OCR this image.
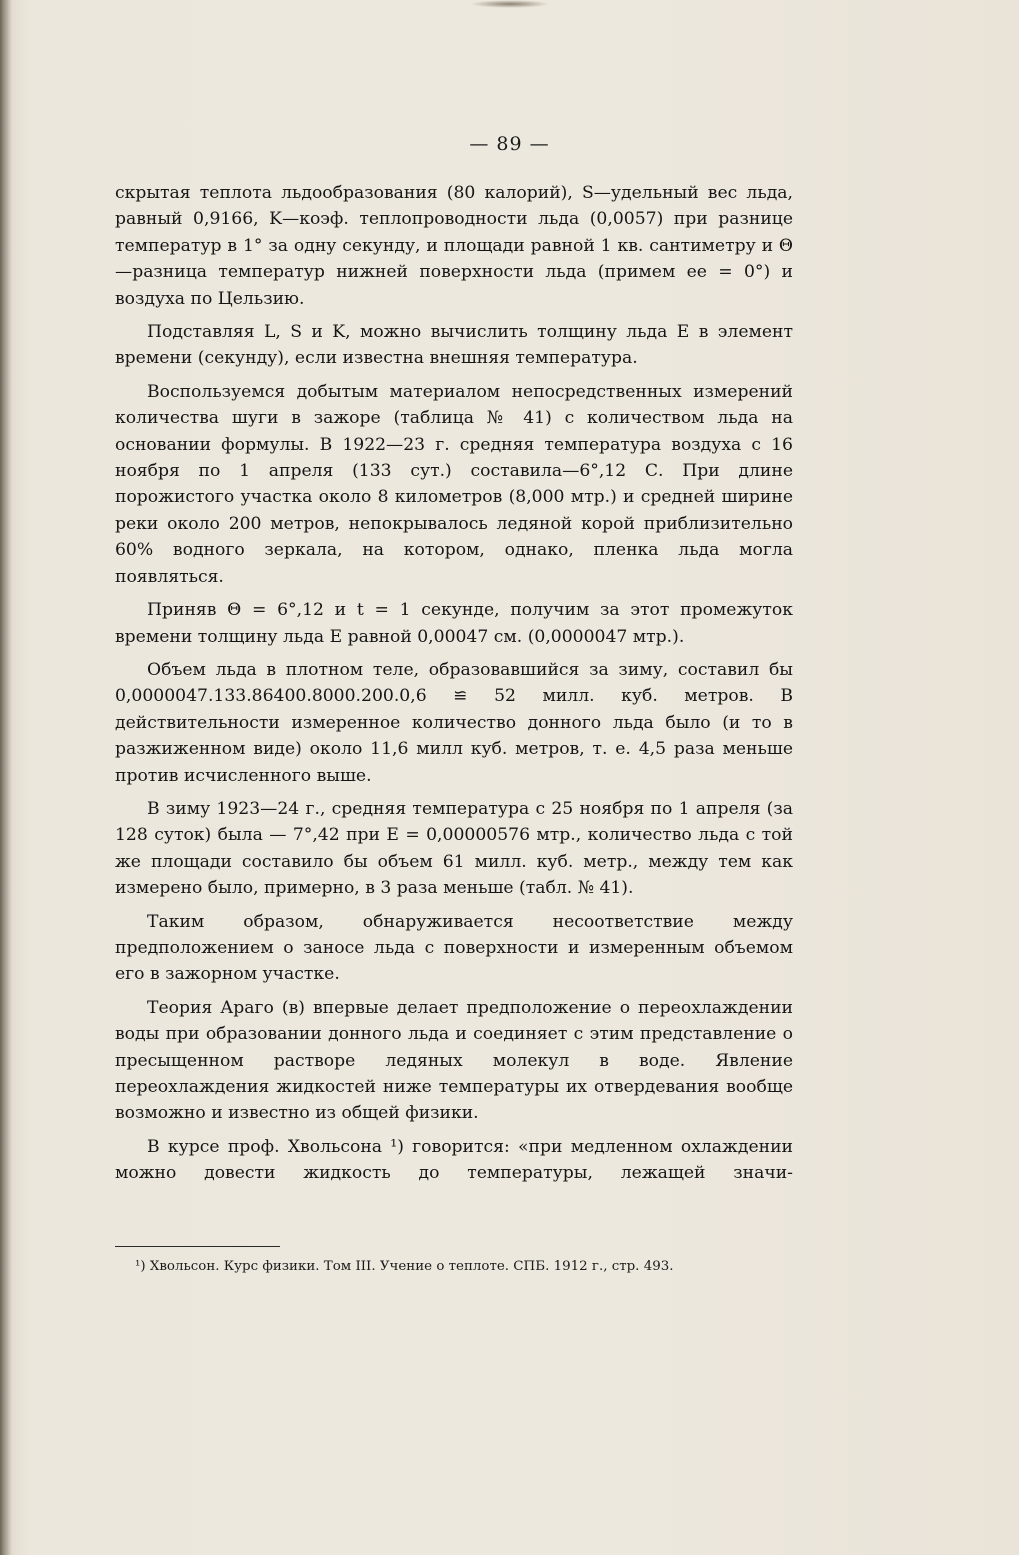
— 89 —

скрытая теплота льдообразования (80 калорий), S—удельный вес льда, равный 0,9166, K—коэф. теплопроводности льда (0,0057) при разнице температур в 1° за одну секунду, и площади равной 1 кв. сантиметру и Θ—разница температур нижней поверхности льда (примем ее = 0°) и воздуха по Цельзию.

Подставляя L, S и K, можно вычислить толщину льда E в элемент времени (секунду), если известна внешняя температура.

Воспользуемся добытым материалом непосредственных измерений количества шуги в зажоре (таблица № 41) с количеством льда на основании формулы. В 1922—23 г. средняя температура воздуха с 16 ноября по 1 апреля (133 сут.) составила—6°,12 С. При длине порожистого участка около 8 километров (8,000 мтр.) и средней ширине реки около 200 метров, непокрывалось ледяной корой приблизительно 60% водного зеркала, на котором, однако, пленка льда могла появляться.

Приняв Θ = 6°,12 и t = 1 секунде, получим за этот промежуток времени толщину льда E равной 0,00047 см. (0,0000047 мтр.).

Объем льда в плотном теле, образовавшийся за зиму, составил бы 0,0000047.133.86400.8000.200.0,6 ≌ 52 милл. куб. метров. В действительности измеренное количество донного льда было (и то в разжиженном виде) около 11,6 милл куб. метров, т. е. 4,5 раза меньше против исчисленного выше.

В зиму 1923—24 г., средняя температура с 25 ноября по 1 апреля (за 128 суток) была — 7°,42 при E = 0,00000576 мтр., количество льда с той же площади составило бы объем 61 милл. куб. метр., между тем как измерено было, примерно, в 3 раза меньше (табл. № 41).

Таким образом, обнаруживается несоответствие между предположением о заносе льда с поверхности и измеренным объемом его в зажорном участке.

Теория Араго (в) впервые делает предположение о переохлаждении воды при образовании донного льда и соединяет с этим представление о пресыщенном растворе ледяных молекул в воде. Явление переохлаждения жидкостей ниже температуры их отвердевания вообще возможно и известно из общей физики.

В курсе проф. Хвольсона ¹) говорится: «при медленном охлаждении можно довести жидкость до температуры, лежащей значи-

¹) Хвольсон. Курс физики. Том III. Учение о теплоте. СПБ. 1912 г., стр. 493.
